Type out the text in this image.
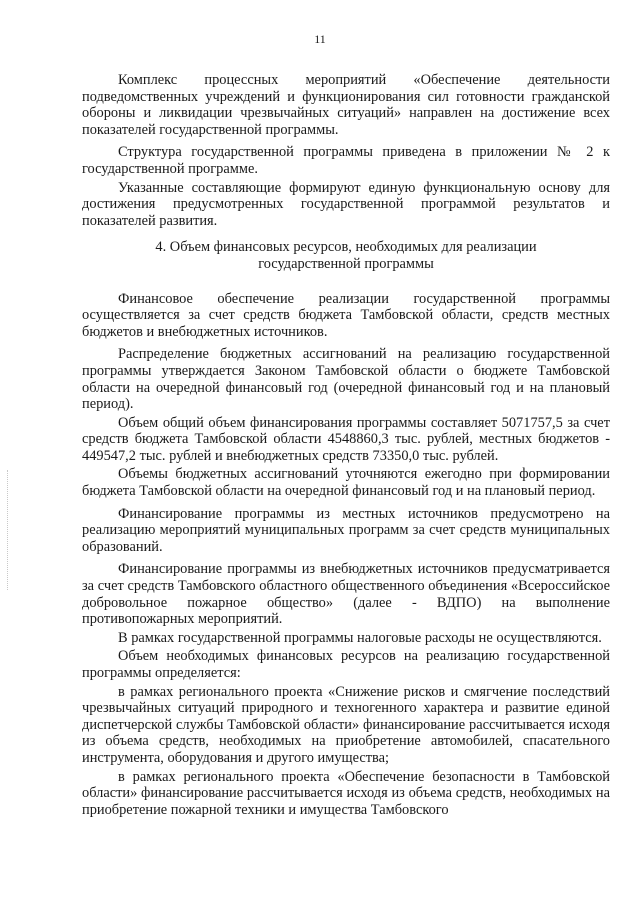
11

Комплекс процессных мероприятий «Обеспечение деятельности подведомственных учреждений и функционирования сил готовности гражданской обороны и ликвидации чрезвычайных ситуаций» направлен на достижение всех показателей государственной программы.

Структура государственной программы приведена в приложении № 2 к государственной программе.

Указанные составляющие формируют единую функциональную основу для достижения предусмотренных государственной программой результатов и показателей развития.

4. Объем финансовых ресурсов, необходимых для реализации государственной программы

Финансовое обеспечение реализации государственной программы осуществляется за счет средств бюджета Тамбовской области, средств местных бюджетов и внебюджетных источников.

Распределение бюджетных ассигнований на реализацию государственной программы утверждается Законом Тамбовской области о бюджете Тамбовской области на очередной финансовый год (очередной финансовый год и на плановый период).

Объем общий объем финансирования программы составляет 5071757,5 за счет средств бюджета Тамбовской области 4548860,3 тыс. рублей, местных бюджетов - 449547,2 тыс. рублей и внебюджетных средств 73350,0 тыс. рублей.

Объемы бюджетных ассигнований уточняются ежегодно при формировании бюджета Тамбовской области на очередной финансовый год и на плановый период.

Финансирование программы из местных источников предусмотрено на реализацию мероприятий муниципальных программ за счет средств муниципальных образований.

Финансирование программы из внебюджетных источников предусматривается за счет средств Тамбовского областного общественного объединения «Всероссийское добровольное пожарное общество» (далее - ВДПО) на выполнение противопожарных мероприятий.

В рамках государственной программы налоговые расходы не осуществляются.

Объем необходимых финансовых ресурсов на реализацию государственной программы определяется:

в рамках регионального проекта «Снижение рисков и смягчение последствий чрезвычайных ситуаций природного и техногенного характера и развитие единой диспетчерской службы Тамбовской области» финансирование рассчитывается исходя из объема средств, необходимых на приобретение автомобилей, спасательного инструмента, оборудования и другого имущества;

в рамках регионального проекта «Обеспечение безопасности в Тамбовской области» финансирование рассчитывается исходя из объема средств, необходимых на приобретение пожарной техники и имущества Тамбовского
